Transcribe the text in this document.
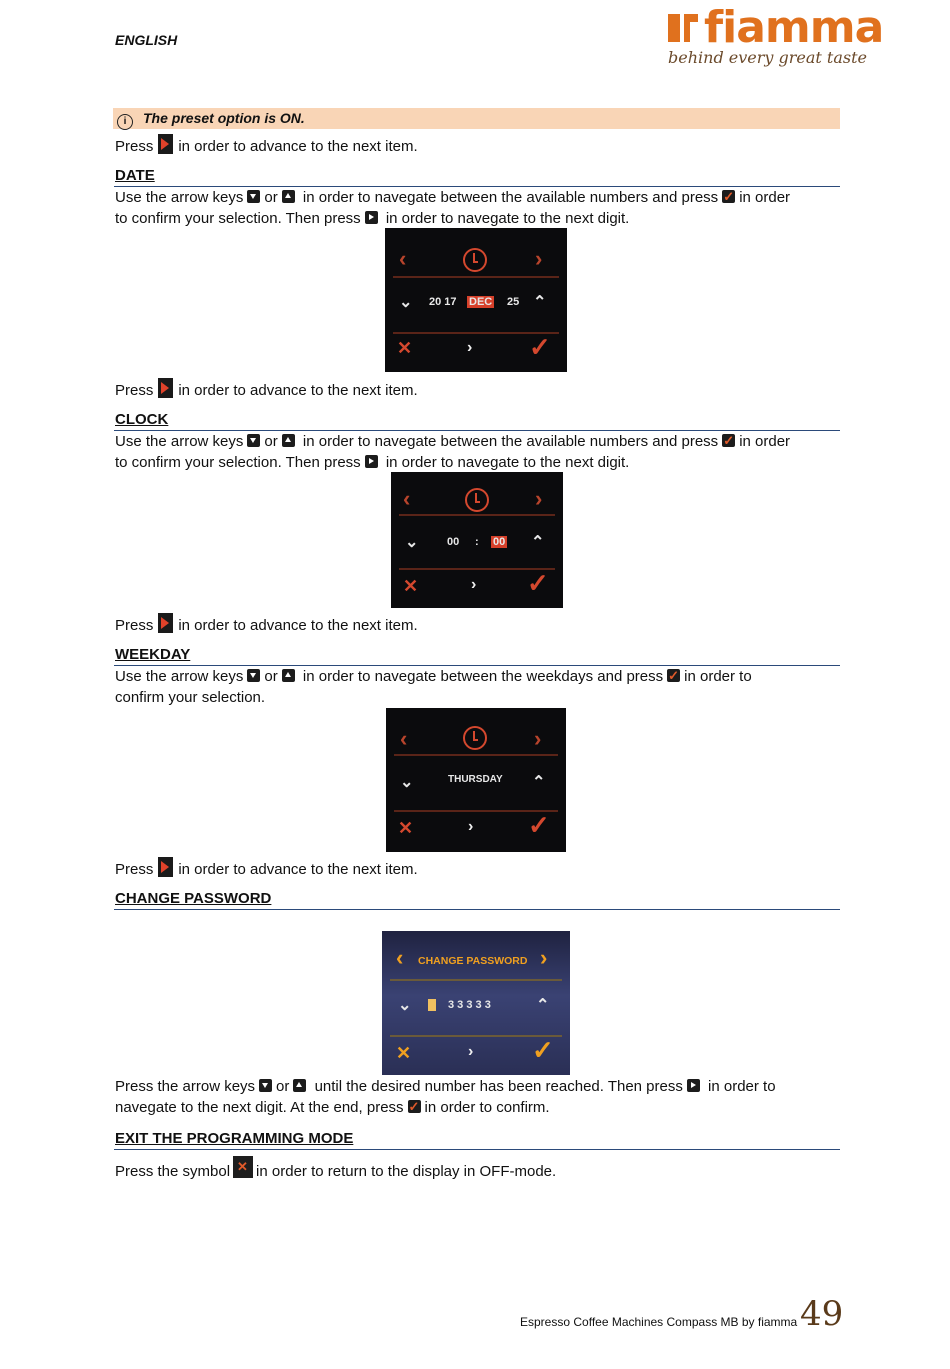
ENGLISH	fiamma
behind every great taste
i The preset option is ON.
Press in order to advance to the next item.
DATE
Use the arrow keys or in order to navegate between the available numbers and press ✓ in order
to confirm your selection. Then press in order to navegate to the next digit.
‹	›
⌄ 20 17 DEC 25 ⌃
✕	› ✓
Press in order to advance to the next item.
CLOCK
Use the arrow keys or in order to navegate between the available numbers and press ✓ in order
to confirm your selection. Then press in order to navegate to the next digit.
‹	›
⌄	00 : 00 ⌃
✕	› ✓
Press in order to advance to the next item.
WEEKDAY
Use the arrow keys or in order to navegate between the weekdays and press ✓ in order to
confirm your selection.
‹	›
⌄	THURSDAY ⌃
✕	› ✓
Press in order to advance to the next item.
CHANGE PASSWORD
‹ CHANGE PASSWORD ›
⌄	3 3 3 3 3	⌃
✕	› ✓
Press the arrow keys or until the desired number has been reached. Then press in order to
navegate to the next digit. At the end, press ✓ in order to confirm.
EXIT THE PROGRAMMING MODE
Press the symbol ✕ in order to return to the display in OFF-mode.
Espresso Coffee Machines Compass MB by fiamma 49
